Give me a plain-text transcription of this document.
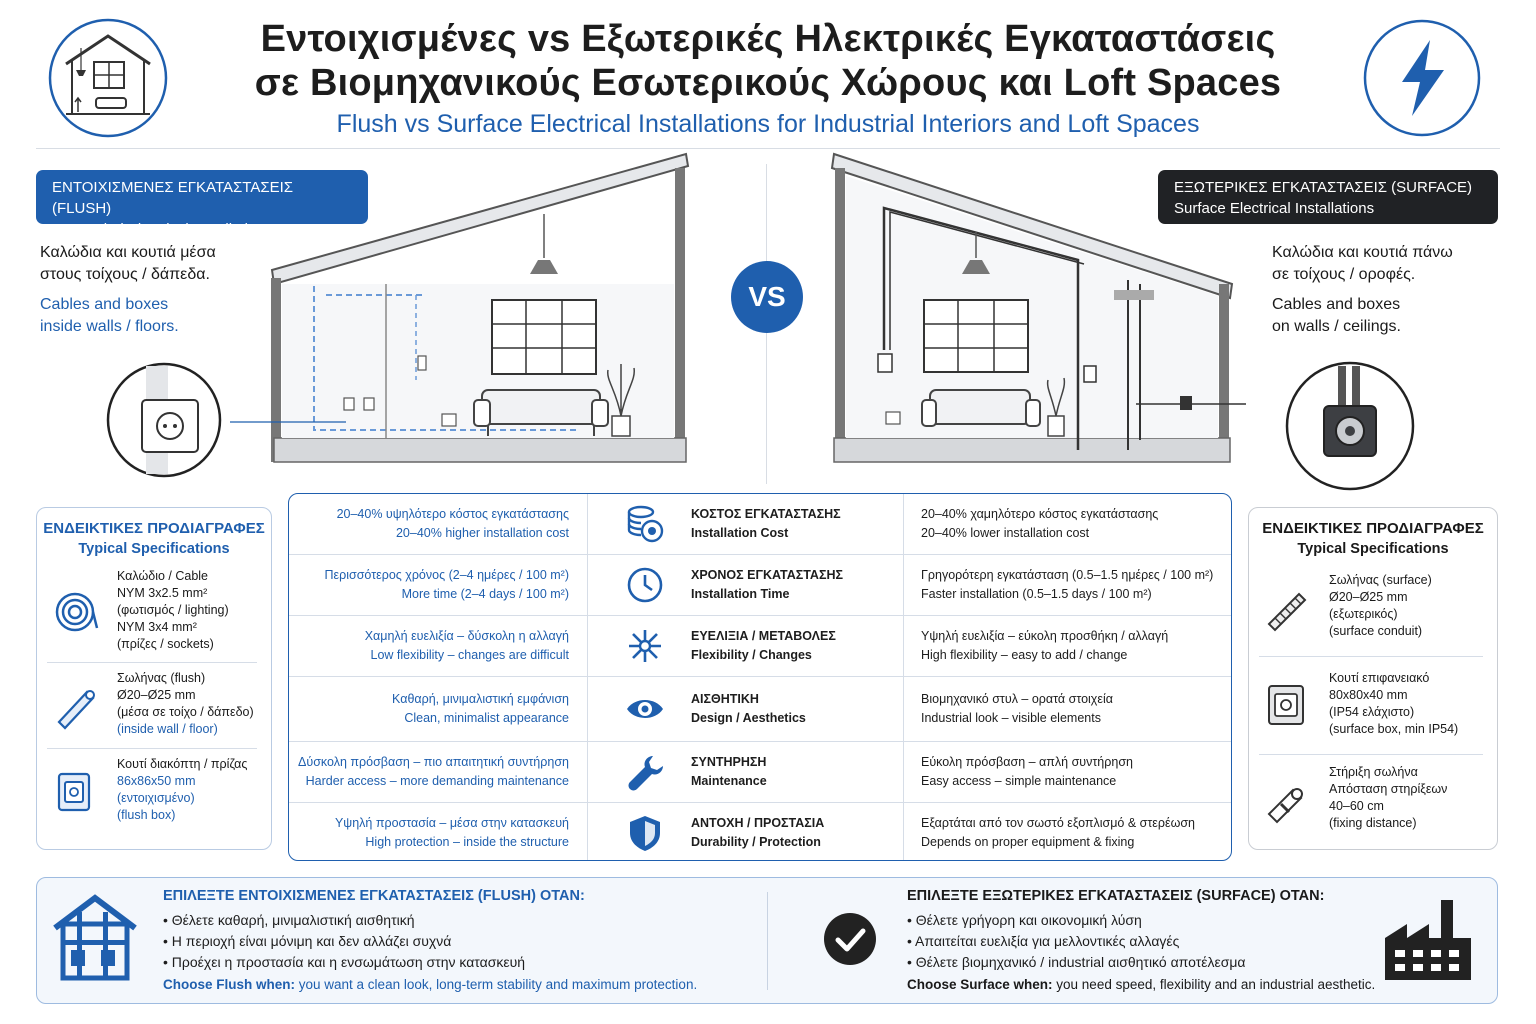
Εντοιχισμένες vs Εξωτερικές Ηλεκτρικές Εγκαταστάσεις
σε Βιομηχανικούς Εσωτερικούς Χώρους και Loft Spaces
Flush vs Surface Electrical Installations for Industrial Interiors and Loft Spaces
ΕΝΤΟΙΧΙΣΜΕΝΕΣ ΕΓΚΑΤΑΣΤΑΣΕΙΣ (FLUSH)
Concealed Electrical Installations
Καλώδια και κουτιά μέσα
στους τοίχους / δάπεδα.
Cables and boxes
inside walls / floors.
VS
ΕΞΩΤΕΡΙΚΕΣ ΕΓΚΑΤΑΣΤΑΣΕΙΣ (SURFACE)
Surface Electrical Installations
Καλώδια και κουτιά πάνω
σε τοίχους / οροφές.
Cables and boxes
on walls / ceilings.
ΕΝΔΕΙΚΤΙΚΕΣ ΠΡΟΔΙΑΓΡΑΦΕΣ
Typical Specifications
Καλώδιο / Cable
NYM 3x2.5 mm²
(φωτισμός / lighting)
NYM 3x4 mm²
(πρίζες / sockets)
Σωλήνας (flush)
Ø20–Ø25 mm
(μέσα σε τοίχο / δάπεδο)
(inside wall / floor)
Κουτί διακόπτη / πρίζας
86x86x50 mm
(εντοιχισμένο)
(flush box)
20–40% υψηλότερο κόστος εγκατάστασης
20–40% higher installation cost
ΚΟΣΤΟΣ ΕΓΚΑΤΑΣΤΑΣΗΣ
Installation Cost
20–40% χαμηλότερο κόστος εγκατάστασης
20–40% lower installation cost
Περισσότερος χρόνος (2–4 ημέρες / 100 m²)
More time (2–4 days / 100 m²)
ΧΡΟΝΟΣ ΕΓΚΑΤΑΣΤΑΣΗΣ
Installation Time
Γρηγορότερη εγκατάσταση (0.5–1.5 ημέρες / 100 m²)
Faster installation (0.5–1.5 days / 100 m²)
Χαμηλή ευελιξία – δύσκολη η αλλαγή
Low flexibility – changes are difficult
ΕΥΕΛΙΞΙΑ / ΜΕΤΑΒΟΛΕΣ
Flexibility / Changes
Υψηλή ευελιξία – εύκολη προσθήκη / αλλαγή
High flexibility – easy to add / change
Καθαρή, μινιμαλιστική εμφάνιση
Clean, minimalist appearance
ΑΙΣΘΗΤΙΚΗ
Design / Aesthetics
Βιομηχανικό στυλ – ορατά στοιχεία
Industrial look – visible elements
Δύσκολη πρόσβαση – πιο απαιτητική συντήρηση
Harder access – more demanding maintenance
ΣΥΝΤΗΡΗΣΗ
Maintenance
Εύκολη πρόσβαση – απλή συντήρηση
Easy access – simple maintenance
Υψηλή προστασία – μέσα στην κατασκευή
High protection – inside the structure
ΑΝΤΟΧΗ / ΠΡΟΣΤΑΣΙΑ
Durability / Protection
Εξαρτάται από τον σωστό εξοπλισμό & στερέωση
Depends on proper equipment & fixing
ΕΝΔΕΙΚΤΙΚΕΣ ΠΡΟΔΙΑΓΡΑΦΕΣ
Typical Specifications
Σωλήνας (surface)
Ø20–Ø25 mm
(εξωτερικός)
(surface conduit)
Κουτί επιφανειακό
80x80x40 mm
(IP54 ελάχιστο)
(surface box, min IP54)
Στήριξη σωλήνα
Απόσταση στηρίξεων
40–60 cm
(fixing distance)
ΕΠΙΛΕΞΤΕ ΕΝΤΟΙΧΙΣΜΕΝΕΣ ΕΓΚΑΤΑΣΤΑΣΕΙΣ (FLUSH) ΟΤΑΝ:
• Θέλετε καθαρή, μινιμαλιστική αισθητική
• Η περιοχή είναι μόνιμη και δεν αλλάζει συχνά
• Προέχει η προστασία και η ενσωμάτωση στην κατασκευή
Choose Flush when: you want a clean look, long-term stability and maximum protection.
ΕΠΙΛΕΞΤΕ ΕΞΩΤΕΡΙΚΕΣ ΕΓΚΑΤΑΣΤΑΣΕΙΣ (SURFACE) ΟΤΑΝ:
• Θέλετε γρήγορη και οικονομική λύση
• Απαιτείται ευελιξία για μελλοντικές αλλαγές
• Θέλετε βιομηχανικό / industrial αισθητικό αποτέλεσμα
Choose Surface when: you need speed, flexibility and an industrial aesthetic.
